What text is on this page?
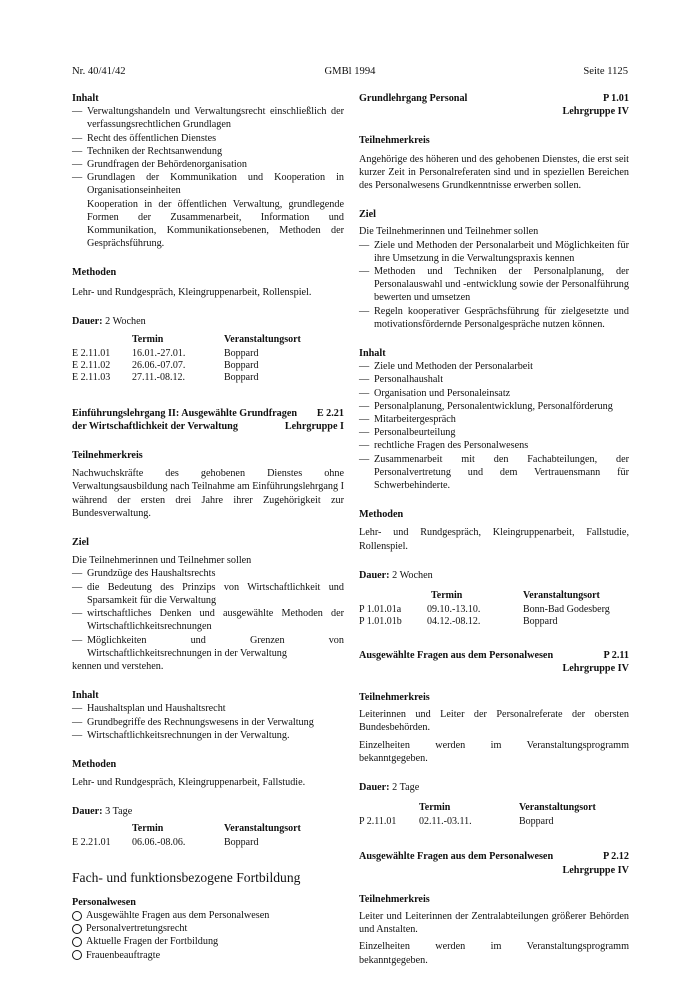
Nr. 40/41/42	GMBl 1994	Seite 1125
Inhalt
— Verwaltungshandeln und Verwaltungsrecht einschließlich der verfassungsrechtlichen Grundlagen
— Recht des öffentlichen Dienstes
— Techniken der Rechtsanwendung
— Grundfragen der Behördenorganisation
— Grundlagen der Kommunikation und Kooperation in Organisationseinheiten
Kooperation in der öffentlichen Verwaltung, grundlegende Formen der Zusammenarbeit, Information und Kommunikation, Kommunikationsebenen, Methoden der Gesprächsführung.
Methoden

Lehr- und Rundgespräch, Kleingruppenarbeit, Rollenspiel.

Dauer: 2 Wochen
	Termin	Veranstaltungsort
E 2.11.01	16.01.-27.01.	Boppard
E 2.11.02	26.06.-07.07.	Boppard
E 2.11.03	27.11.-08.12.	Boppard
Einführungslehrgang II: Ausgewählte Grundfragen E 2.21
der Wirtschaftlichkeit der Verwaltung	Lehrgruppe I
Teilnehmerkreis

Nachwuchskräfte des gehobenen Dienstes ohne Verwaltungsausbildung nach Teilnahme am Einführungslehrgang I während der ersten drei Jahre ihrer Zugehörigkeit zur Bundesverwaltung.

Ziel

Die Teilnehmerinnen und Teilnehmer sollen

— Grundzüge des Haushaltsrechts
— die Bedeutung des Prinzips von Wirtschaftlichkeit und Sparsamkeit für die Verwaltung
— wirtschaftliches Denken und ausgewählte Methoden der Wirtschaftlichkeitsrechnungen
— Möglichkeiten und Grenzen von Wirtschaftlichkeitsrechnungen in der Verwaltung

kennen und verstehen.

Inhalt
— Haushaltsplan und Haushaltsrecht
— Grundbegriffe des Rechnungswesens in der Verwaltung
— Wirtschaftlichkeitsrechnungen in der Verwaltung.
Methoden

Lehr- und Rundgespräch, Kleingruppenarbeit, Fallstudie.

Dauer: 3 Tage
	Termin	Veranstaltungsort
E 2.21.01	06.06.-08.06.	Boppard
Fach- und funktionsbezogene Fortbildung
Personalwesen
Ausgewählte Fragen aus dem Personalwesen
Personalvertretungsrecht
Aktuelle Fragen der Fortbildung
Frauenbeauftragte
Grundlehrgang Personal	P 1.01
Lehrgruppe IV
Teilnehmerkreis

Angehörige des höheren und des gehobenen Dienstes, die erst seit kurzer Zeit in Personalreferaten sind und in speziellen Bereichen des Personalwesens Grundkenntnisse erwerben sollen.

Ziel

Die Teilnehmerinnen und Teilnehmer sollen

— Ziele und Methoden der Personalarbeit und Möglichkeiten für ihre Umsetzung in die Verwaltungspraxis kennen
— Methoden und Techniken der Personalplanung, der Personalauswahl und -entwicklung sowie der Personalführung bewerten und umsetzen
— Regeln kooperativer Gesprächsführung für zielgesetzte und motivationsfördernde Personalgespräche nutzen können.
Inhalt
— Ziele und Methoden der Personalarbeit
— Personalhaushalt
— Organisation und Personaleinsatz
— Personalplanung, Personalentwicklung, Personalförderung
— Mitarbeitergespräch
— Personalbeurteilung
— rechtliche Fragen des Personalwesens
— Zusammenarbeit mit den Fachabteilungen, der Personalvertretung und dem Vertrauensmann für Schwerbehinderte.
Methoden

Lehr- und Rundgespräch, Kleingruppenarbeit, Fallstudie, Rollenspiel.

Dauer: 2 Wochen
	Termin	Veranstaltungsort
P 1.01.01a	09.10.-13.10.	Bonn-Bad Godesberg
P 1.01.01b	04.12.-08.12.	Boppard
Ausgewählte Fragen aus dem Personalwesen	P 2.11
Lehrgruppe IV
Teilnehmerkreis

Leiterinnen und Leiter der Personalreferate der obersten Bundesbehörden.

Einzelheiten werden im Veranstaltungsprogramm bekanntgegeben.

Dauer: 2 Tage
	Termin	Veranstaltungsort
P 2.11.01	02.11.-03.11.	Boppard
Ausgewählte Fragen aus dem Personalwesen	P 2.12
Lehrgruppe IV
Teilnehmerkreis

Leiter und Leiterinnen der Zentralabteilungen größerer Behörden und Anstalten.

Einzelheiten werden im Veranstaltungsprogramm bekanntgegeben.
